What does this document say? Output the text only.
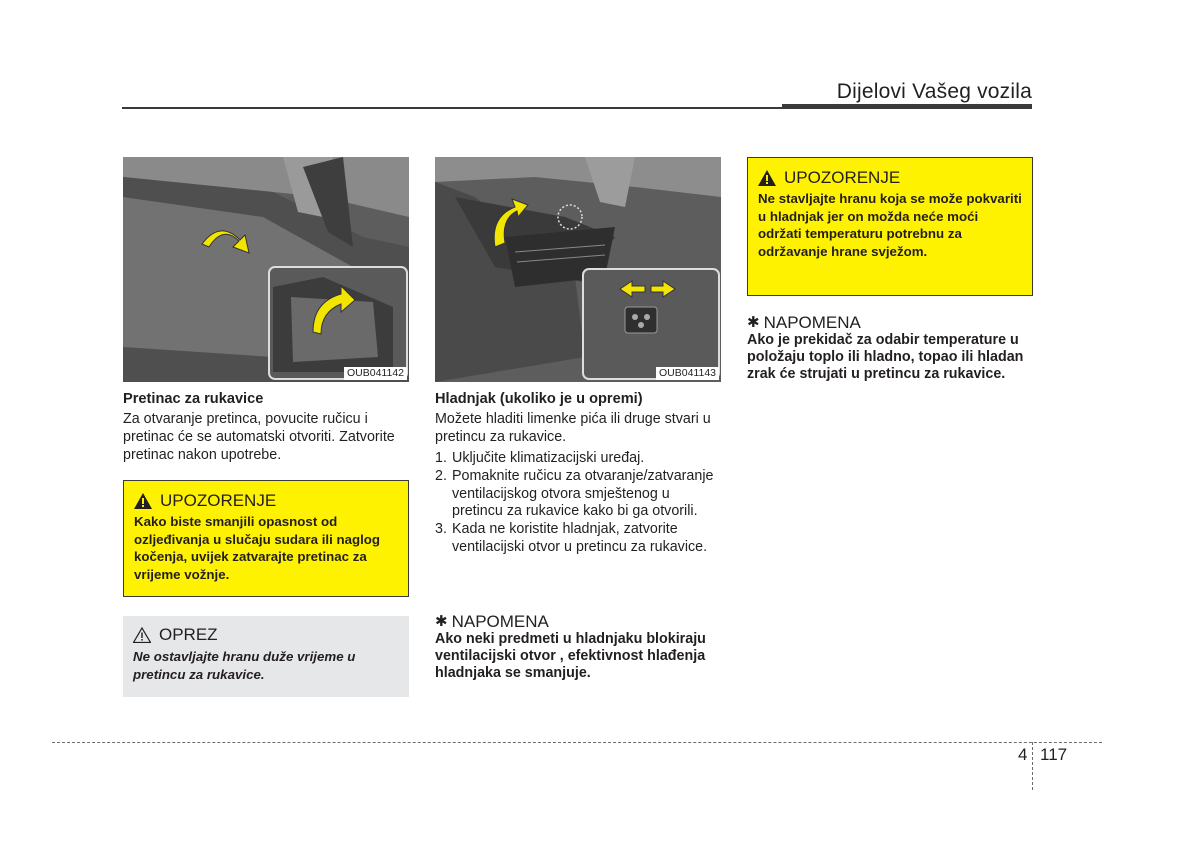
Dijelovi Vašeg vozila
OUB041142
Pretinac za rukavice
Za otvaranje pretinca, povucite ručicu i pretinac će se automatski otvoriti. Zatvorite pretinac nakon upotrebe.
UPOZORENJE
Kako biste smanjili opasnost od ozljeđivanja u slučaju sudara ili naglog kočenja, uvijek zatvarajte pretinac za vrijeme vožnje.
OPREZ
Ne ostavljajte hranu duže vrijeme u pretincu za rukavice.
OUB041143
Hladnjak (ukoliko je u opremi)
Možete hladiti limenke pića ili druge stvari u pretincu za rukavice.
1. Uključite klimatizacijski uređaj.
2. Pomaknite ručicu za otvaranje/zatvaranje ventilacijskog otvora smještenog u pretincu za rukavice kako bi ga otvorili.
3. Kada ne koristite hladnjak, zatvorite ventilacijski otvor u pretincu za rukavice.
✱ NAPOMENA
Ako neki predmeti u hladnjaku blokiraju ventilacijski otvor , efektivnost hlađenja hladnjaka se smanjuje.
UPOZORENJE
Ne stavljajte hranu koja se može pokvariti u hladnjak jer on možda neće moći održati temperaturu potrebnu za održavanje hrane svježom.
✱ NAPOMENA
Ako je prekidač za odabir temperature u položaju toplo ili hladno, topao ili hladan zrak će strujati u pretincu za rukavice.
4 117
